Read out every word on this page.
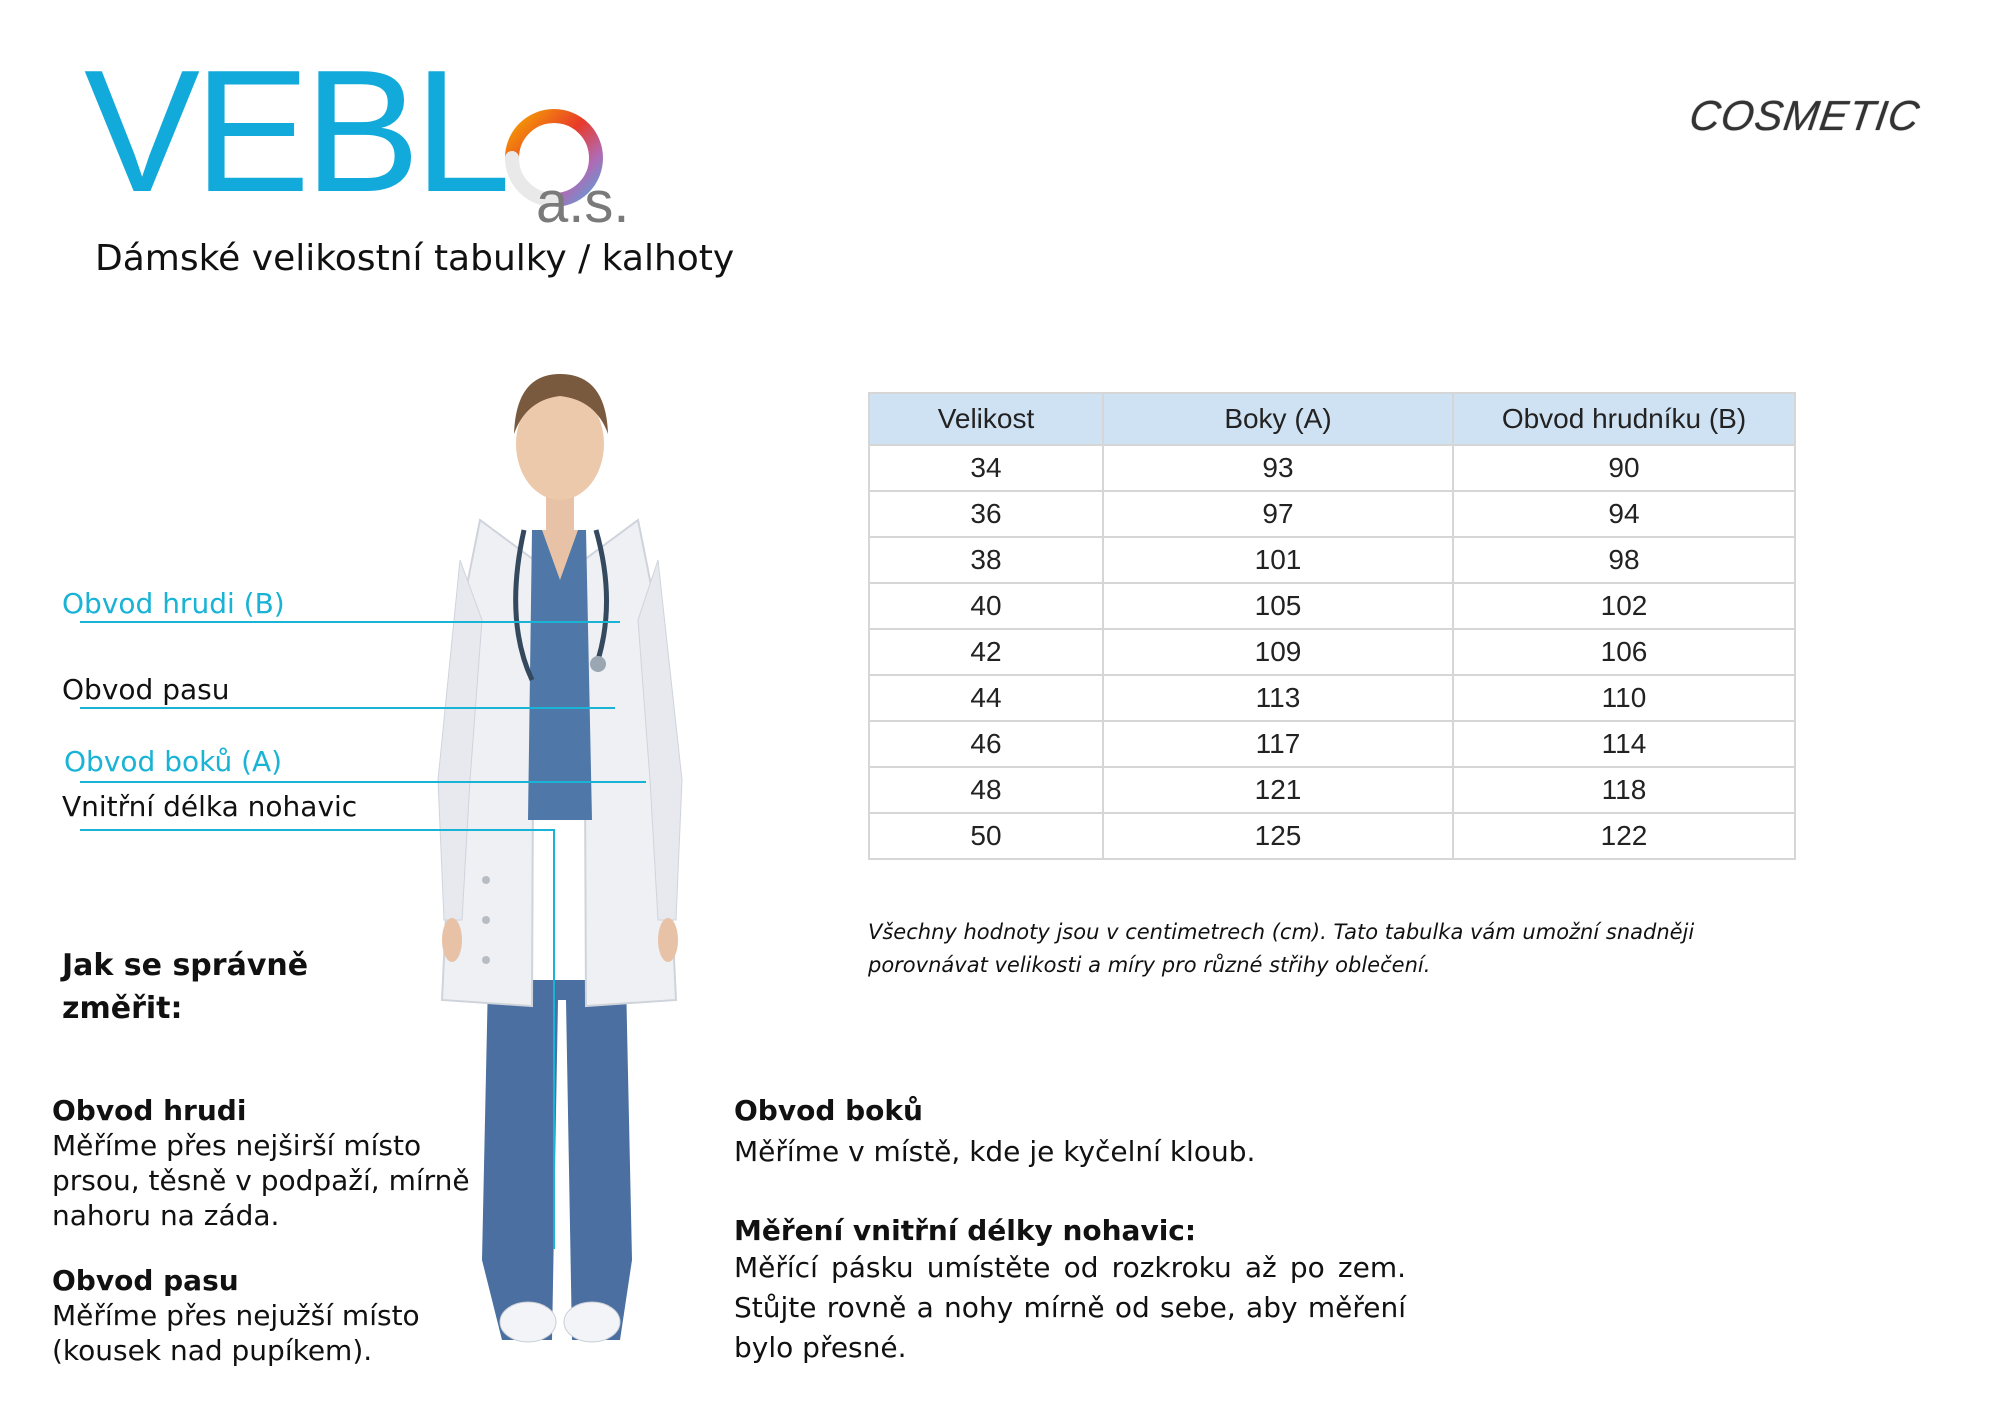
VEBL a.s.
COSMETIC
Dámské velikostní tabulky / kalhoty
Obvod hrudi (B)
Obvod pasu
Obvod boků (A)
Vnitřní délka nohavic
Velikost	Boky (A)	Obvod hrudníku (B)
34	93	90
36	97	94
38	101	98
40	105	102
42	109	106
44	113	110
46	117	114
48	121	118
50	125	122
Všechny hodnoty jsou v centimetrech (cm). Tato tabulka vám umožní snadněji porovnávat velikosti a míry pro různé střihy oblečení.
Jak se správně změřit:
Obvod hrudi
Měříme přes nejširší místo prsou, těsně v podpaží, mírně nahoru na záda.
Obvod pasu
Měříme přes nejužší místo (kousek nad pupíkem).
Obvod boků
Měříme v místě, kde je kyčelní kloub.
Měření vnitřní délky nohavic:
Měřící pásku umístěte od rozkroku až po zem. Stůjte rovně a nohy mírně od sebe, aby měření bylo přesné.
